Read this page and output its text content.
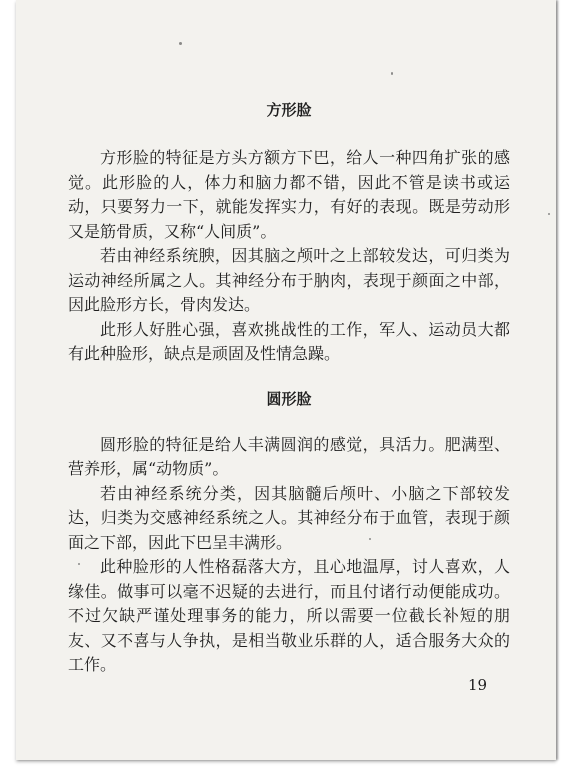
方形脸

方形脸的特征是方头方额方下巴，给人一种四角扩张的感觉。此形脸的人，体力和脑力都不错，因此不管是读书或运动，只要努力一下，就能发挥实力，有好的表现。既是劳动形又是筋骨质，又称“人间质”。

若由神经系统腴，因其脑之颅叶之上部较发达，可归类为运动神经所属之人。其神经分布于肭肉，表现于颜面之中部，因此脸形方长，骨肉发达。

此形人好胜心强，喜欢挑战性的工作，军人、运动员大都有此种脸形，缺点是顽固及性情急躁。

圆形脸

圆形脸的特征是给人丰满圆润的感觉，具活力。肥满型、营养形，属“动物质”。

若由神经系统分类，因其脑髓后颅叶、小脑之下部较发达，归类为交感神经系统之人。其神经分布于血管，表现于颜面之下部，因此下巴呈丰满形。

此种脸形的人性格磊落大方，且心地温厚，讨人喜欢，人缘佳。做事可以毫不迟疑的去进行，而且付诸行动便能成功。不过欠缺严谨处理事务的能力，所以需要一位截长补短的朋友、又不喜与人争执，是相当敬业乐群的人，适合服务大众的工作。

19
